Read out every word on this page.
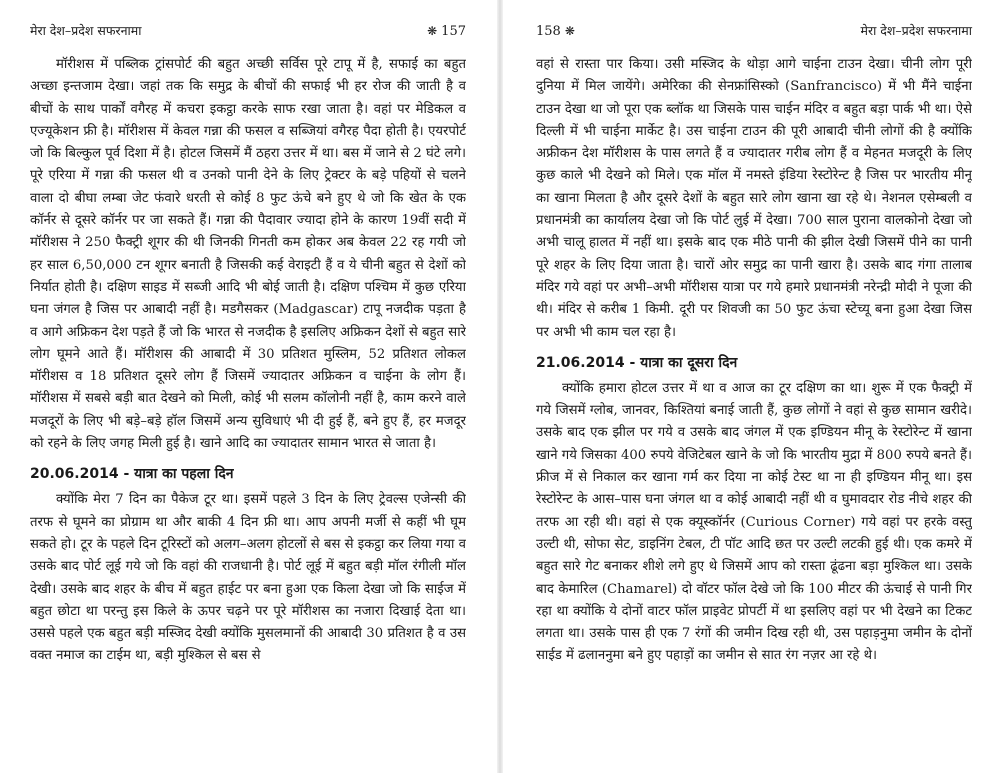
मेरा देश–प्रदेश सफरनामा	❋ 157

मॉरीशस में पब्लिक ट्रांसपोर्ट की बहुत अच्छी सर्विस पूरे टापू में है, सफाई का बहुत अच्छा इन्तजाम देखा। जहां तक कि समुद्र के बीचों की सफाई भी हर रोज की जाती है व बीचों के साथ पार्कों वगैरह में कचरा इकट्ठा करके साफ रखा जाता है। वहां पर मेडिकल व एज्यूकेशन फ्री है। मॉरीशस में केवल गन्ना की फसल व सब्जियां वगैरह पैदा होती है। एयरपोर्ट जो कि बिल्कुल पूर्व दिशा में है। होटल जिसमें मैं ठहरा उत्तर में था। बस में जाने से 2 घंटे लगे। पूरे एरिया में गन्ना की फसल थी व उनको पानी देने के लिए ट्रेक्टर के बड़े पहियों से चलने वाला दो बीघा लम्बा जेट फंवारे धरती से कोई 8 फुट ऊंचे बने हुए थे जो कि खेत के एक कॉर्नर से दूसरे कॉर्नर पर जा सकते हैं। गन्ना की पैदावार ज्यादा होने के कारण 19वीं सदी में मॉरीशस ने 250 फैक्ट्री शूगर की थी जिनकी गिनती कम होकर अब केवल 22 रह गयी जो हर साल 6,50,000 टन शूगर बनाती है जिसकी कई वेराइटी हैं व ये चीनी बहुत से देशों को निर्यात होती है। दक्षिण साइड में सब्जी आदि भी बोई जाती है। दक्षिण पश्चिम में कुछ एरिया घना जंगल है जिस पर आबादी नहीं है। मडगैसकर (Madgascar) टापू नजदीक पड़ता है व आगे अफ्रिकन देश पड़ते हैं जो कि भारत से नजदीक है इसलिए अफ्रिकन देशों से बहुत सारे लोग घूमने आते हैं। मॉरीशस की आबादी में 30 प्रतिशत मुस्लिम, 52 प्रतिशत लोकल मॉरीशस व 18 प्रतिशत दूसरे लोग हैं जिसमें ज्यादातर अफ्रिकन व चाईना के लोग हैं। मॉरीशस में सबसे बड़ी बात देखने को मिली, कोई भी सलम कॉलोनी नहीं है, काम करने वाले मजदूरों के लिए भी बड़े–बड़े हॉल जिसमें अन्य सुविधाएं भी दी हुई हैं, बने हुए हैं, हर मजदूर को रहने के लिए जगह मिली हुई है। खाने आदि का ज्यादातर सामान भारत से जाता है।

20.06.2014 - यात्रा का पहला दिन

क्योंकि मेरा 7 दिन का पैकेज टूर था। इसमें पहले 3 दिन के लिए ट्रेवल्स एजेन्सी की तरफ से घूमने का प्रोग्राम था और बाकी 4 दिन फ्री था। आप अपनी मर्जी से कहीं भी घूम सकते हो। टूर के पहले दिन टूरिस्टों को अलग–अलग होटलों से बस से इकट्ठा कर लिया गया व उसके बाद पोर्ट लूई गये जो कि वहां की राजधानी है। पोर्ट लूई में बहुत बड़ी मॉल रंगीली मॉल देखी। उसके बाद शहर के बीच में बहुत हाईट पर बना हुआ एक किला देखा जो कि साईज में बहुत छोटा था परन्तु इस किले के ऊपर चढ़ने पर पूरे मॉरीशस का नजारा दिखाई देता था। उससे पहले एक बहुत बड़ी मस्जिद देखी क्योंकि मुसलमानों की आबादी 30 प्रतिशत है व उस वक्त नमाज का टाईम था, बड़ी मुश्किल से बस से

158 ❋	मेरा देश–प्रदेश सफरनामा

वहां से रास्ता पार किया। उसी मस्जिद के थोड़ा आगे चाईना टाउन देखा। चीनी लोग पूरी दुनिया में मिल जायेंगे। अमेरिका की सेनफ्रांसिस्को (Sanfrancisco) में भी मैंने चाईना टाउन देखा था जो पूरा एक ब्लॉक था जिसके पास चाईन मंदिर व बहुत बड़ा पार्क भी था। ऐसे दिल्ली में भी चाईना मार्केट है। उस चाईना टाउन की पूरी आबादी चीनी लोगों की है क्योंकि अफ्रीकन देश मॉरीशस के पास लगते हैं व ज्यादातर गरीब लोग हैं व मेहनत मजदूरी के लिए कुछ काले भी देखने को मिले। एक मॉल में नमस्ते इंडिया रेस्टोरेन्ट है जिस पर भारतीय मीनू का खाना मिलता है और दूसरे देशों के बहुत सारे लोग खाना खा रहे थे। नेशनल एसेम्बली व प्रधानमंत्री का कार्यालय देखा जो कि पोर्ट लुई में देखा। 700 साल पुराना वालकोनो देखा जो अभी चालू हालत में नहीं था। इसके बाद एक मीठे पानी की झील देखी जिसमें पीने का पानी पूरे शहर के लिए दिया जाता है। चारों ओर समुद्र का पानी खारा है। उसके बाद गंगा तालाब मंदिर गये वहां पर अभी–अभी मॉरीशस यात्रा पर गये हमारे प्रधानमंत्री नरेन्द्री मोदी ने पूजा की थी। मंदिर से करीब 1 किमी. दूरी पर शिवजी का 50 फुट ऊंचा स्टेच्यू बना हुआ देखा जिस पर अभी भी काम चल रहा है।

21.06.2014 - यात्रा का दूसरा दिन

क्योंकि हमारा होटल उत्तर में था व आज का टूर दक्षिण का था। शुरू में एक फैक्ट्री में गये जिसमें ग्लोब, जानवर, किश्तियां बनाई जाती हैं, कुछ लोगों ने वहां से कुछ सामान खरीदे। उसके बाद एक झील पर गये व उसके बाद जंगल में एक इण्डियन मीनू के रेस्टोरेन्ट में खाना खाने गये जिसका 400 रुपये वेजिटेबल खाने के जो कि भारतीय मुद्रा में 800 रुपये बनते हैं। फ्रीज में से निकाल कर खाना गर्म कर दिया ना कोई टेस्ट था ना ही इण्डियन मीनू था। इस रेस्टोरेन्ट के आस–पास घना जंगल था व कोई आबादी नहीं थी व घुमावदार रोड नीचे शहर की तरफ आ रही थी। वहां से एक क्यूस्कॉर्नर (Curious Corner) गये वहां पर हरके वस्तु उल्टी थी, सोफा सेट, डाइनिंग टेबल, टी पॉट आदि छत पर उल्टी लटकी हुई थी। एक कमरे में बहुत सारे गेट बनाकर शीशे लगे हुए थे जिसमें आप को रास्ता ढूंढना बड़ा मुश्किल था। उसके बाद केमारिल (Chamarel) दो वॉटर फॉल देखे जो कि 100 मीटर की ऊंचाई से पानी गिर रहा था क्योंकि ये दोनों वाटर फॉल प्राइवेट प्रोपर्टी में था इसलिए वहां पर भी देखने का टिकट लगता था। उसके पास ही एक 7 रंगों की जमीन दिख रही थी, उस पहाड़नुमा जमीन के दोनों साईड में ढलाननुमा बने हुए पहाड़ों का जमीन से सात रंग नज़र आ रहे थे।
